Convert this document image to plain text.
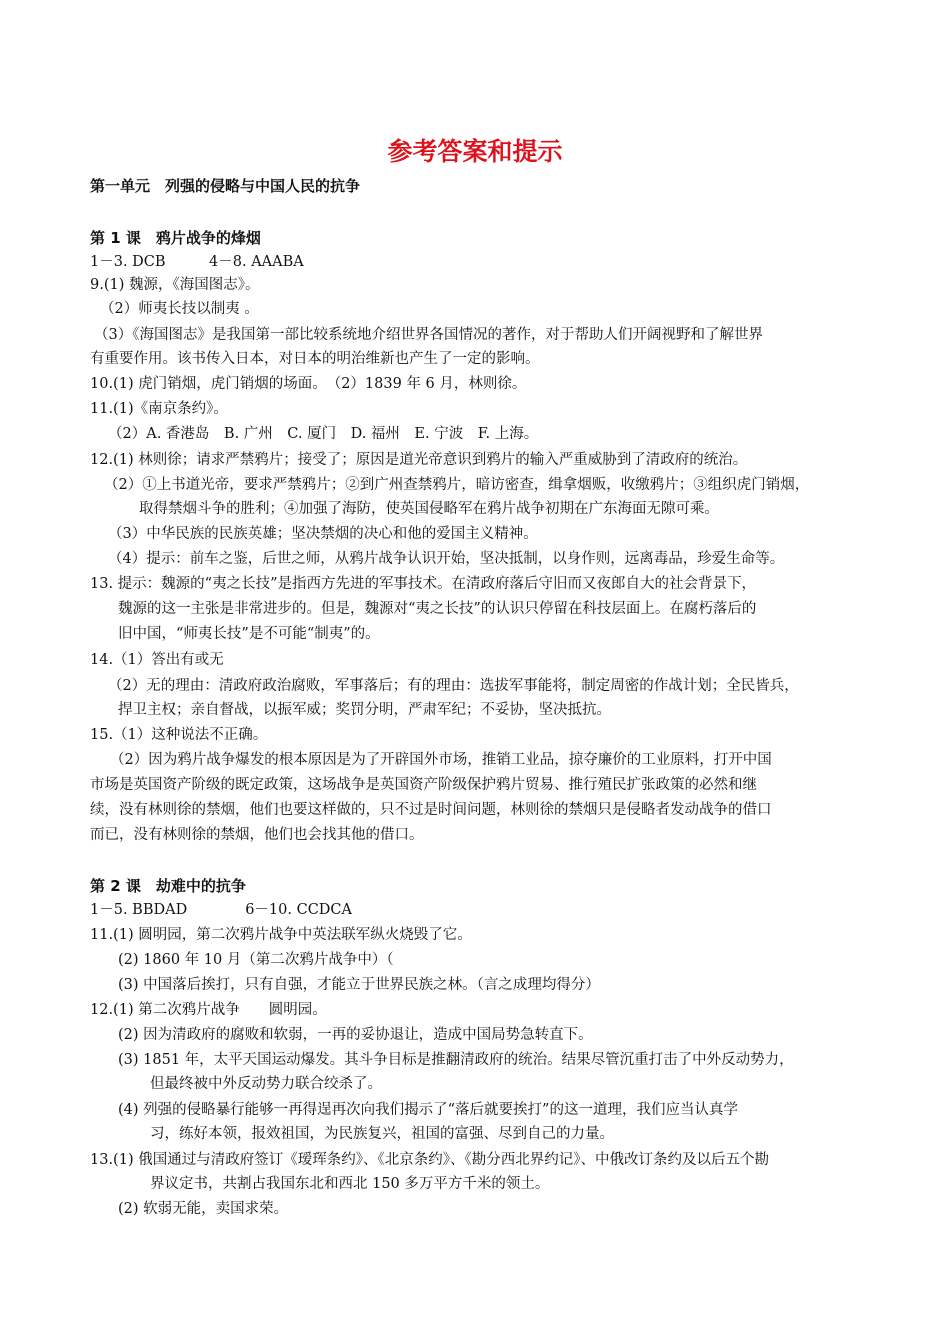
参考答案和提示
第一单元　列强的侵略与中国人民的抗争
第 1 课　鸦片战争的烽烟
1－3. DCB　　　4－8. AAABA
9.(1) 魏源，《海国图志》。
（2）师夷长技以制夷 。
（3）《海国图志》是我国第一部比较系统地介绍世界各国情况的著作，对于帮助人们开阔视野和了解世界
有重要作用。该书传入日本，对日本的明治维新也产生了一定的影响。
10.(1) 虎门销烟，虎门销烟的场面。　（2）1839 年 6 月，林则徐。
11.(1)《南京条约》。
（2）A. 香港岛　B. 广州　C. 厦门　D. 福州　E. 宁波　F. 上海。
12.(1) 林则徐；请求严禁鸦片；接受了；原因是道光帝意识到鸦片的输入严重威胁到了清政府的统治。
（2）①上书道光帝，要求严禁鸦片；②到广州查禁鸦片，暗访密查，缉拿烟贩，收缴鸦片；③组织虎门销烟，
取得禁烟斗争的胜利；④加强了海防，使英国侵略军在鸦片战争初期在广东海面无隙可乘。
（3）中华民族的民族英雄；坚决禁烟的决心和他的爱国主义精神。
（4）提示：前车之鉴，后世之师，从鸦片战争认识开始，坚决抵制，以身作则，远离毒品，珍爱生命等。
13. 提示：魏源的“夷之长技”是指西方先进的军事技术。在清政府落后守旧而又夜郎自大的社会背景下，
魏源的这一主张是非常进步的。但是，魏源对“夷之长技”的认识只停留在科技层面上。在腐朽落后的
旧中国，“师夷长技”是不可能“制夷”的。
14.（1）答出有或无
（2）无的理由：清政府政治腐败，军事落后；有的理由：选拔军事能将，制定周密的作战计划；全民皆兵，
捍卫主权；亲自督战，以振军威；奖罚分明，严肃军纪；不妥协，坚决抵抗。
15.（1）这种说法不正确。
（2）因为鸦片战争爆发的根本原因是为了开辟国外市场，推销工业品，掠夺廉价的工业原料，打开中国
市场是英国资产阶级的既定政策，这场战争是英国资产阶级保护鸦片贸易、推行殖民扩张政策的必然和继
续，没有林则徐的禁烟，他们也要这样做的，只不过是时间问题，林则徐的禁烟只是侵略者发动战争的借口
而已，没有林则徐的禁烟，他们也会找其他的借口。
第 2 课　劫难中的抗争
1－5. BBDAD　　　　6－10. CCDCA
11.(1) 圆明园，第二次鸦片战争中英法联军纵火烧毁了它。
(2) 1860 年 10 月（第二次鸦片战争中）（
(3) 中国落后挨打，只有自强，才能立于世界民族之林。（言之成理均得分）
12.(1) 第二次鸦片战争　　圆明园。
(2) 因为清政府的腐败和软弱，一再的妥协退让，造成中国局势急转直下。
(3) 1851 年，太平天国运动爆发。其斗争目标是推翻清政府的统治。结果尽管沉重打击了中外反动势力，
但最终被中外反动势力联合绞杀了。
(4) 列强的侵略暴行能够一再得逞再次向我们揭示了“落后就要挨打”的这一道理，我们应当认真学
习，练好本领，报效祖国，为民族复兴，祖国的富强、尽到自己的力量。
13.(1) 俄国通过与清政府签订《瑷珲条约》、《北京条约》、《勘分西北界约记》、中俄改订条约及以后五个勘
界议定书，共割占我国东北和西北 150 多万平方千米的领土。
(2) 软弱无能，卖国求荣。
